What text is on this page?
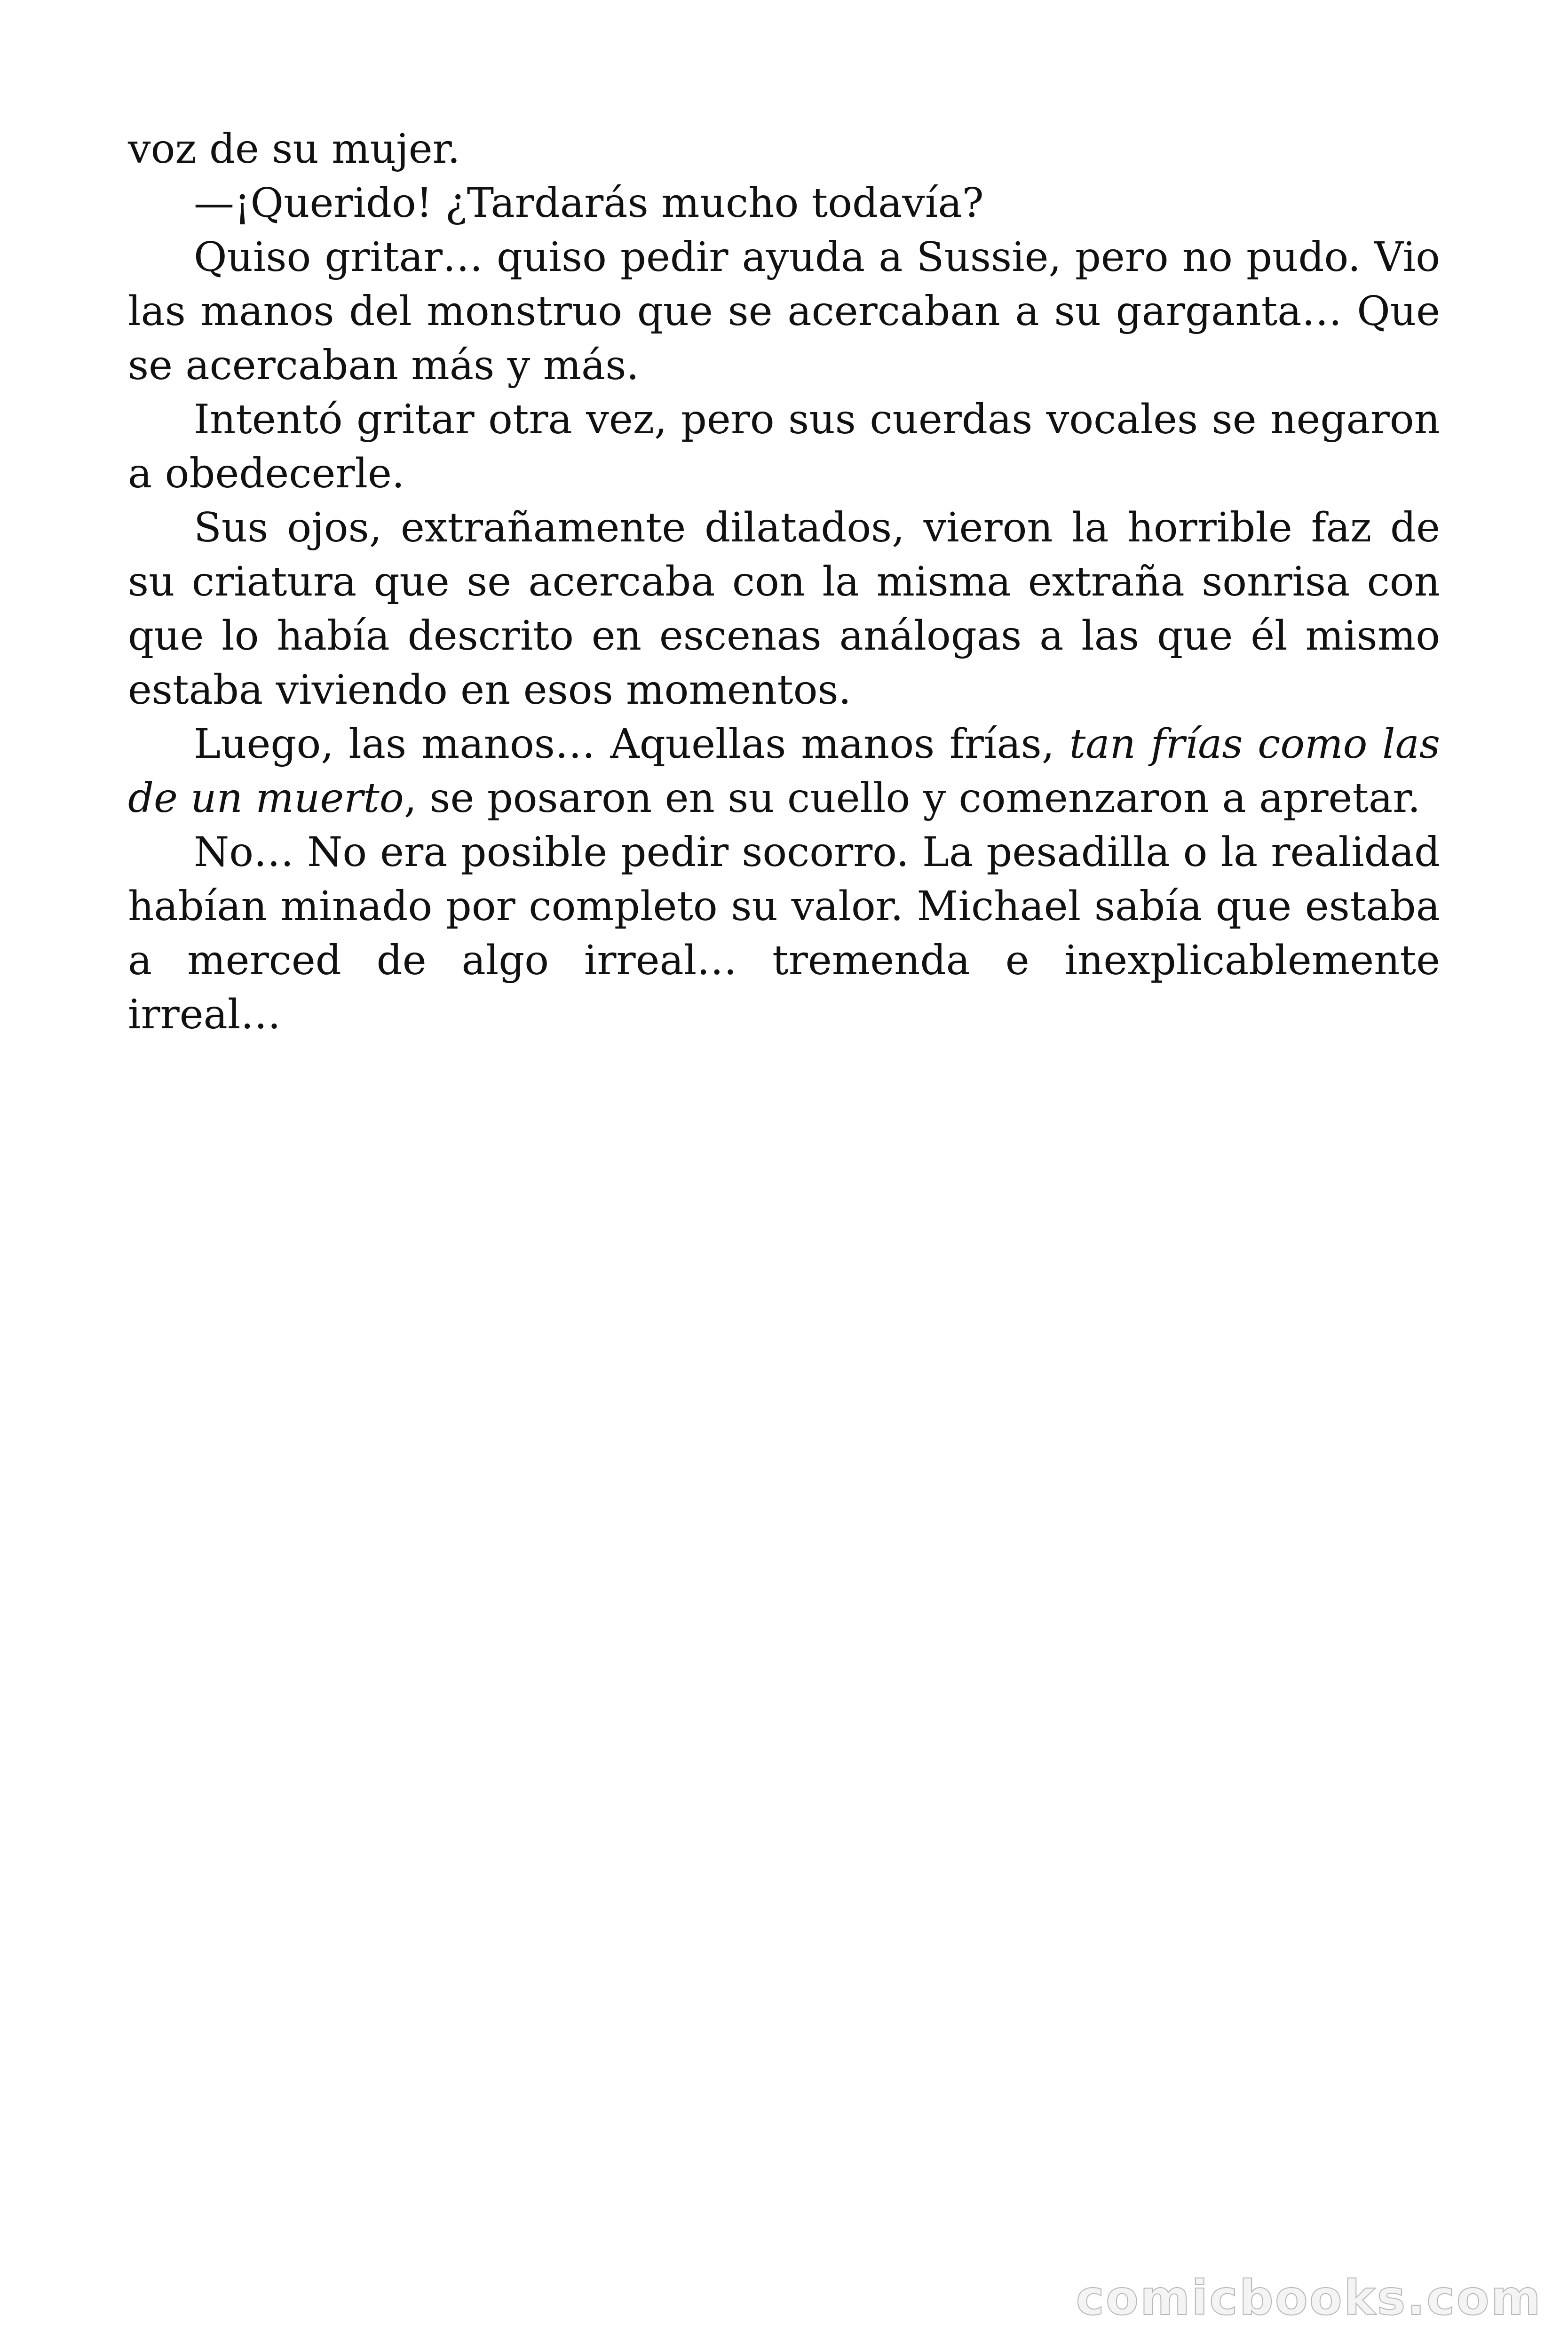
voz de su mujer.

—¡Querido! ¿Tardarás mucho todavía?

Quiso gritar… quiso pedir ayuda a Sussie, pero no pudo. Vio las manos del monstruo que se acercaban a su garganta… Que se acercaban más y más.

Intentó gritar otra vez, pero sus cuerdas vocales se negaron a obedecerle.

Sus ojos, extrañamente dilatados, vieron la horrible faz de su criatura que se acercaba con la misma extraña sonrisa con que lo había descrito en escenas análogas a las que él mismo estaba viviendo en esos momentos.

Luego, las manos… Aquellas manos frías, tan frías como las de un muerto, se posaron en su cuello y comenzaron a apretar.

No… No era posible pedir socorro. La pesadilla o la realidad habían minado por completo su valor. Michael sabía que estaba a merced de algo irreal… tremenda e inexplicablemente irreal…

comicbooks.com
